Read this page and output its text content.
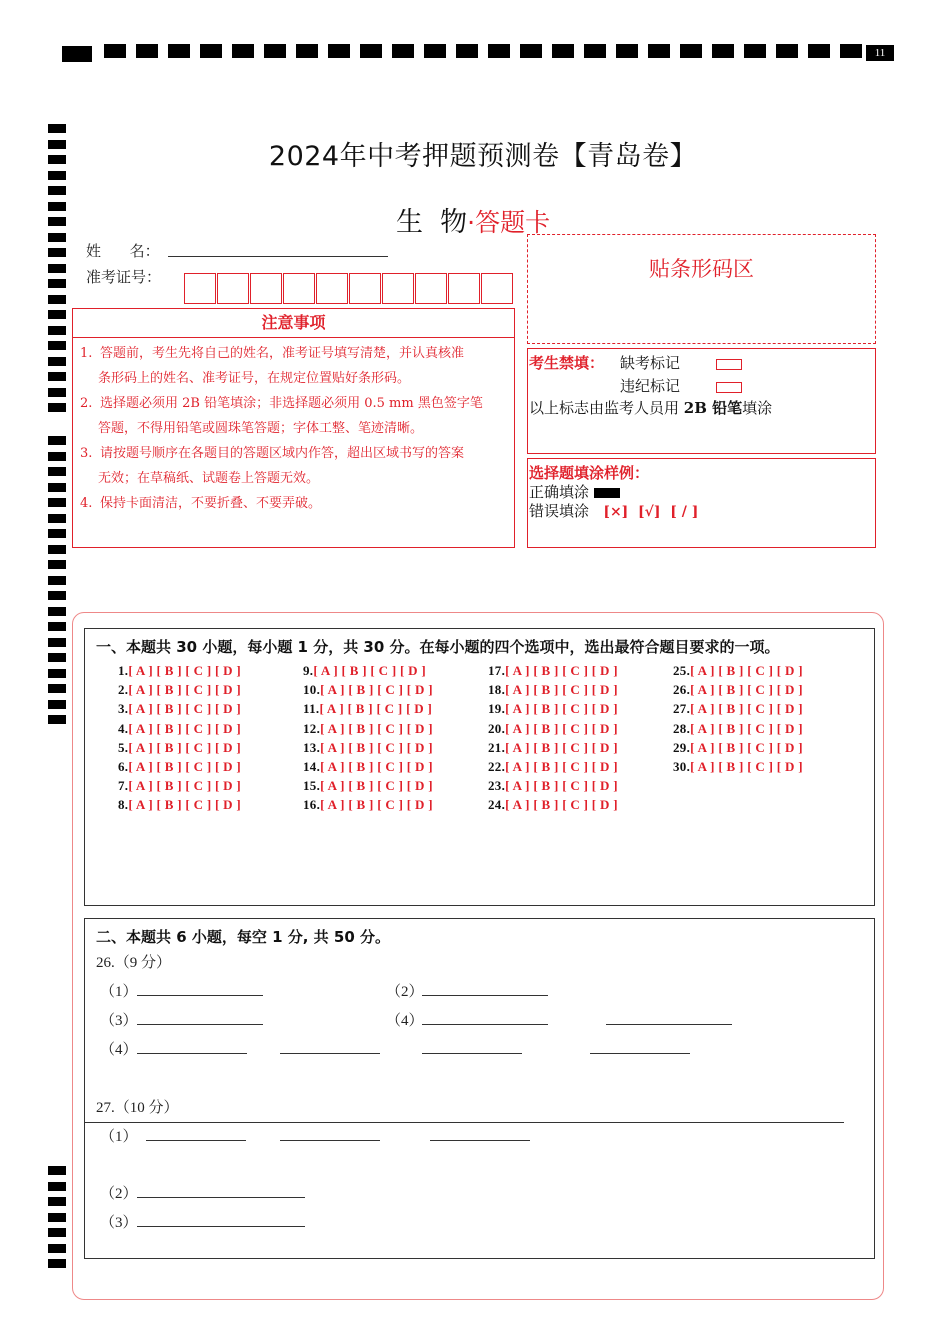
11
2024年中考押题预测卷【青岛卷】
生  物·答题卡
姓      名：
准考证号：
注意事项
1. 答题前，考生先将自己的姓名，准考证号填写清楚，并认真核准

条形码上的姓名、准考证号，在规定位置贴好条形码。
2. 选择题必须用 2B 铅笔填涂；非选择题必须用 0.5 mm 黑色签字笔

答题，不得用铅笔或圆珠笔答题；字体工整、笔迹清晰。
3. 请按题号顺序在各题目的答题区域内作答，超出区域书写的答案

无效；在草稿纸、试题卷上答题无效。
4. 保持卡面清洁，不要折叠、不要弄破。
贴条形码区
考生禁填： 缺考标记
违纪标记
以上标志由监考人员用 2B 铅笔填涂
选择题填涂样例：
正确填涂
错误填涂 [×]  [√]  [ / ]
一、本题共 30 小题，每小题 1 分，共 30 分。在每小题的四个选项中，选出最符合题目要求的一项。
1.[ A ] [ B ] [ C ] [ D ]
2.[ A ] [ B ] [ C ] [ D ]
3.[ A ] [ B ] [ C ] [ D ]
4.[ A ] [ B ] [ C ] [ D ]
5.[ A ] [ B ] [ C ] [ D ]
6.[ A ] [ B ] [ C ] [ D ]
7.[ A ] [ B ] [ C ] [ D ]
8.[ A ] [ B ] [ C ] [ D ]
9.[ A ] [ B ] [ C ] [ D ]
10.[ A ] [ B ] [ C ] [ D ]
11.[ A ] [ B ] [ C ] [ D ]
12.[ A ] [ B ] [ C ] [ D ]
13.[ A ] [ B ] [ C ] [ D ]
14.[ A ] [ B ] [ C ] [ D ]
15.[ A ] [ B ] [ C ] [ D ]
16.[ A ] [ B ] [ C ] [ D ]
17.[ A ] [ B ] [ C ] [ D ]
18.[ A ] [ B ] [ C ] [ D ]
19.[ A ] [ B ] [ C ] [ D ]
20.[ A ] [ B ] [ C ] [ D ]
21.[ A ] [ B ] [ C ] [ D ]
22.[ A ] [ B ] [ C ] [ D ]
23.[ A ] [ B ] [ C ] [ D ]
24.[ A ] [ B ] [ C ] [ D ]
25.[ A ] [ B ] [ C ] [ D ]
26.[ A ] [ B ] [ C ] [ D ]
27.[ A ] [ B ] [ C ] [ D ]
28.[ A ] [ B ] [ C ] [ D ]
29.[ A ] [ B ] [ C ] [ D ]
30.[ A ] [ B ] [ C ] [ D ]
二、本题共 6 小题，每空 1 分, 共 50 分。
26.（9 分）
（1）	（2）
（3）	（4）
（4）
27.（10 分）
（1）
（2）
（3）
